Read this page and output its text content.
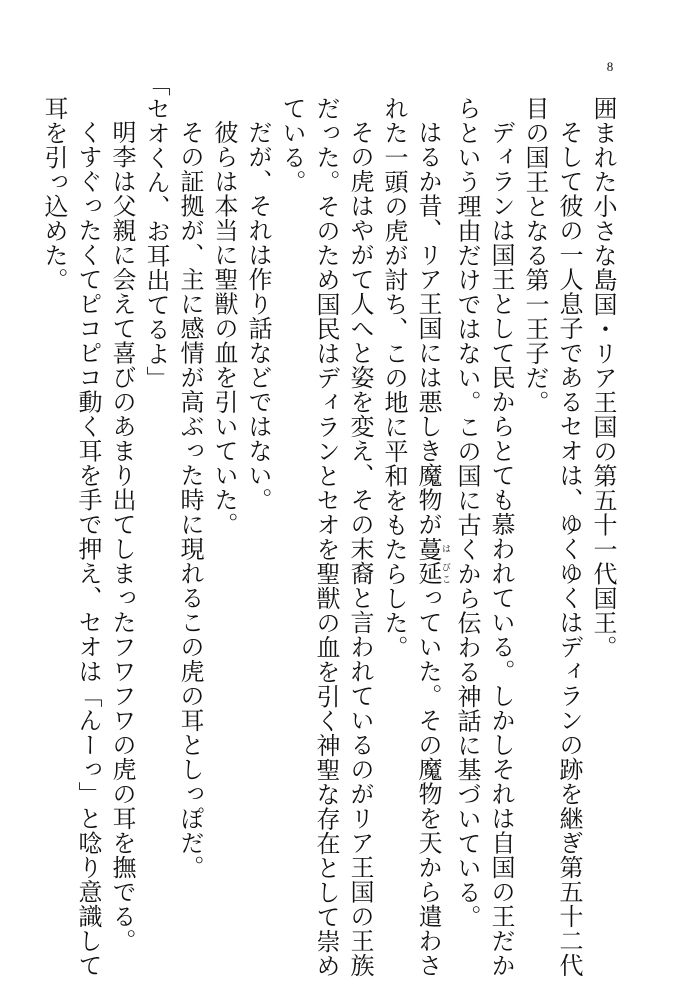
8

囲まれた小さな島国・リア王国の第五十一代国王。

そして彼の一人息子であるセオは、ゆくゆくはディランの跡を継ぎ第五十二代目の国王となる第一王子だ。

ディランは国王として民からとても慕われている。しかしそれは自国の王だからという理由だけではない。この国に古くから伝わる神話に基づいている。

はるか昔、リア王国には悪しき魔物が蔓は延びこっていた。その魔物を天から遣わされた一頭の虎が討ち、この地に平和をもたらした。

その虎はやがて人へと姿を変え、その末裔と言われているのがリア王国の王族だった。そのため国民はディランとセオを聖獣の血を引く神聖な存在として崇めている。

だが、それは作り話などではない。

彼らは本当に聖獣の血を引いていた。

その証拠が、主に感情が高ぶった時に現れるこの虎の耳としっぽだ。

「セオくん、お耳出てるよ」

明李は父親に会えて喜びのあまり出てしまったフワフワの虎の耳を撫でる。

くすぐったくてピコピコ動く耳を手で押え、セオは「んーっ」と唸り意識して耳を引っ込めた。
